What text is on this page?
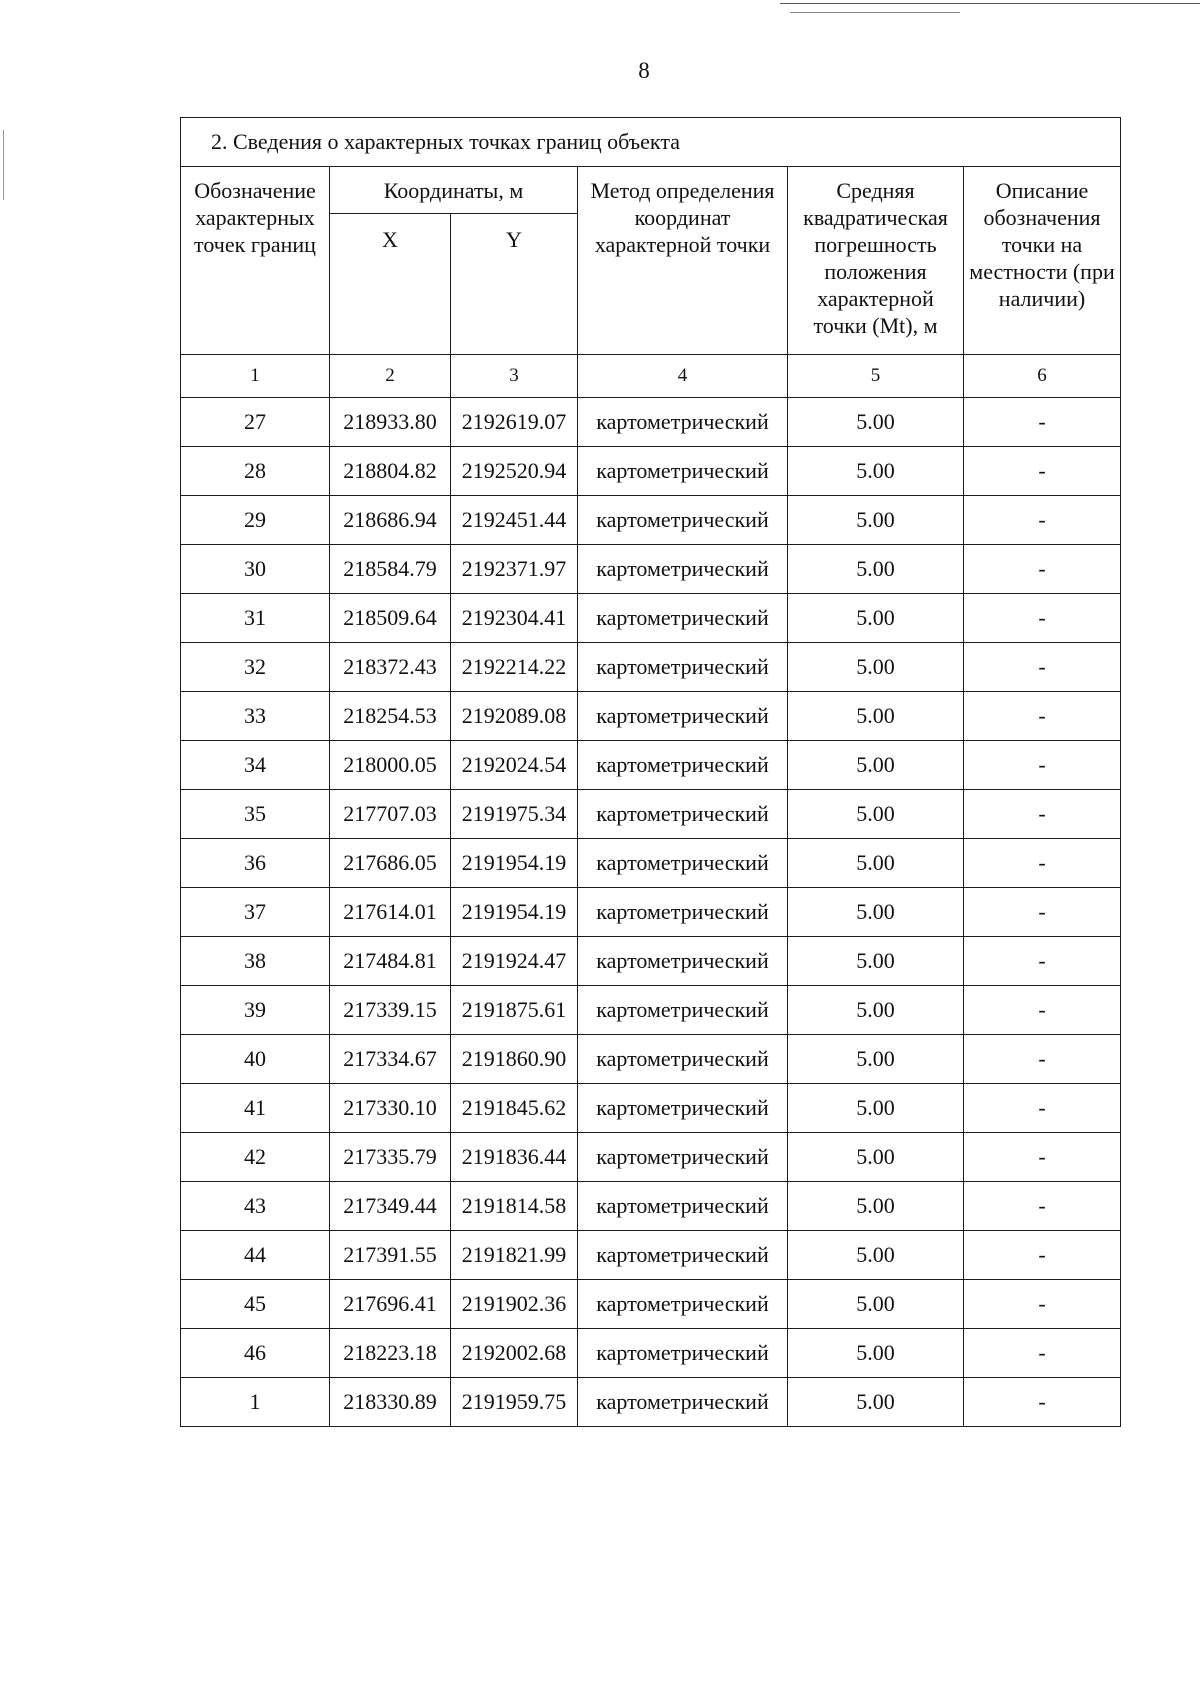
8
2. Сведения о характерных точках границ объекта					
Обозначение характерных точек границ	Координаты, м		Метод определения координат характерной точки	Средняя квадратическая погрешность положения характерной точки (Mt), м	Описание обозначения точки на местности (при наличии)
	X	Y			
1	2	3	4	5	6
27	218933.80	2192619.07	картометрический	5.00	-
28	218804.82	2192520.94	картометрический	5.00	-
29	218686.94	2192451.44	картометрический	5.00	-
30	218584.79	2192371.97	картометрический	5.00	-
31	218509.64	2192304.41	картометрический	5.00	-
32	218372.43	2192214.22	картометрический	5.00	-
33	218254.53	2192089.08	картометрический	5.00	-
34	218000.05	2192024.54	картометрический	5.00	-
35	217707.03	2191975.34	картометрический	5.00	-
36	217686.05	2191954.19	картометрический	5.00	-
37	217614.01	2191954.19	картометрический	5.00	-
38	217484.81	2191924.47	картометрический	5.00	-
39	217339.15	2191875.61	картометрический	5.00	-
40	217334.67	2191860.90	картометрический	5.00	-
41	217330.10	2191845.62	картометрический	5.00	-
42	217335.79	2191836.44	картометрический	5.00	-
43	217349.44	2191814.58	картометрический	5.00	-
44	217391.55	2191821.99	картометрический	5.00	-
45	217696.41	2191902.36	картометрический	5.00	-
46	218223.18	2192002.68	картометрический	5.00	-
1	218330.89	2191959.75	картометрический	5.00	-
